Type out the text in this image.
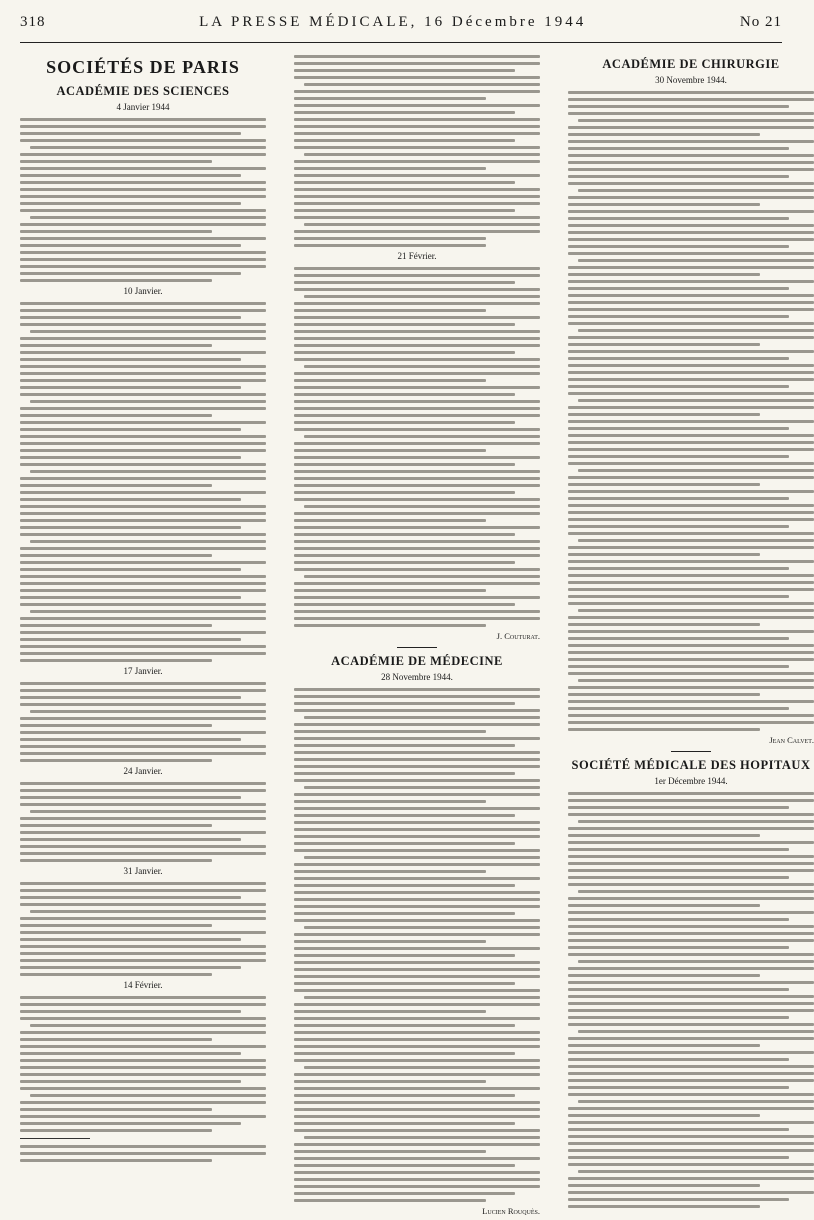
318	LA PRESSE MÉDICALE, 16 Décembre 1944	No 21
SOCIÉTÉS DE PARIS
ACADÉMIE DES SCIENCES
4 Janvier 1944
10 Janvier.
17 Janvier.
24 Janvier.
31 Janvier.
14 Février.
21 Février.
J. Couturat.
ACADÉMIE DE MÉDECINE
28 Novembre 1944.
Lucien Rouquès.
ACADÉMIE DE CHIRURGIE
30 Novembre 1944.
Jean Calvet.
SOCIÉTÉ MÉDICALE DES HOPITAUX
1er Décembre 1944.
